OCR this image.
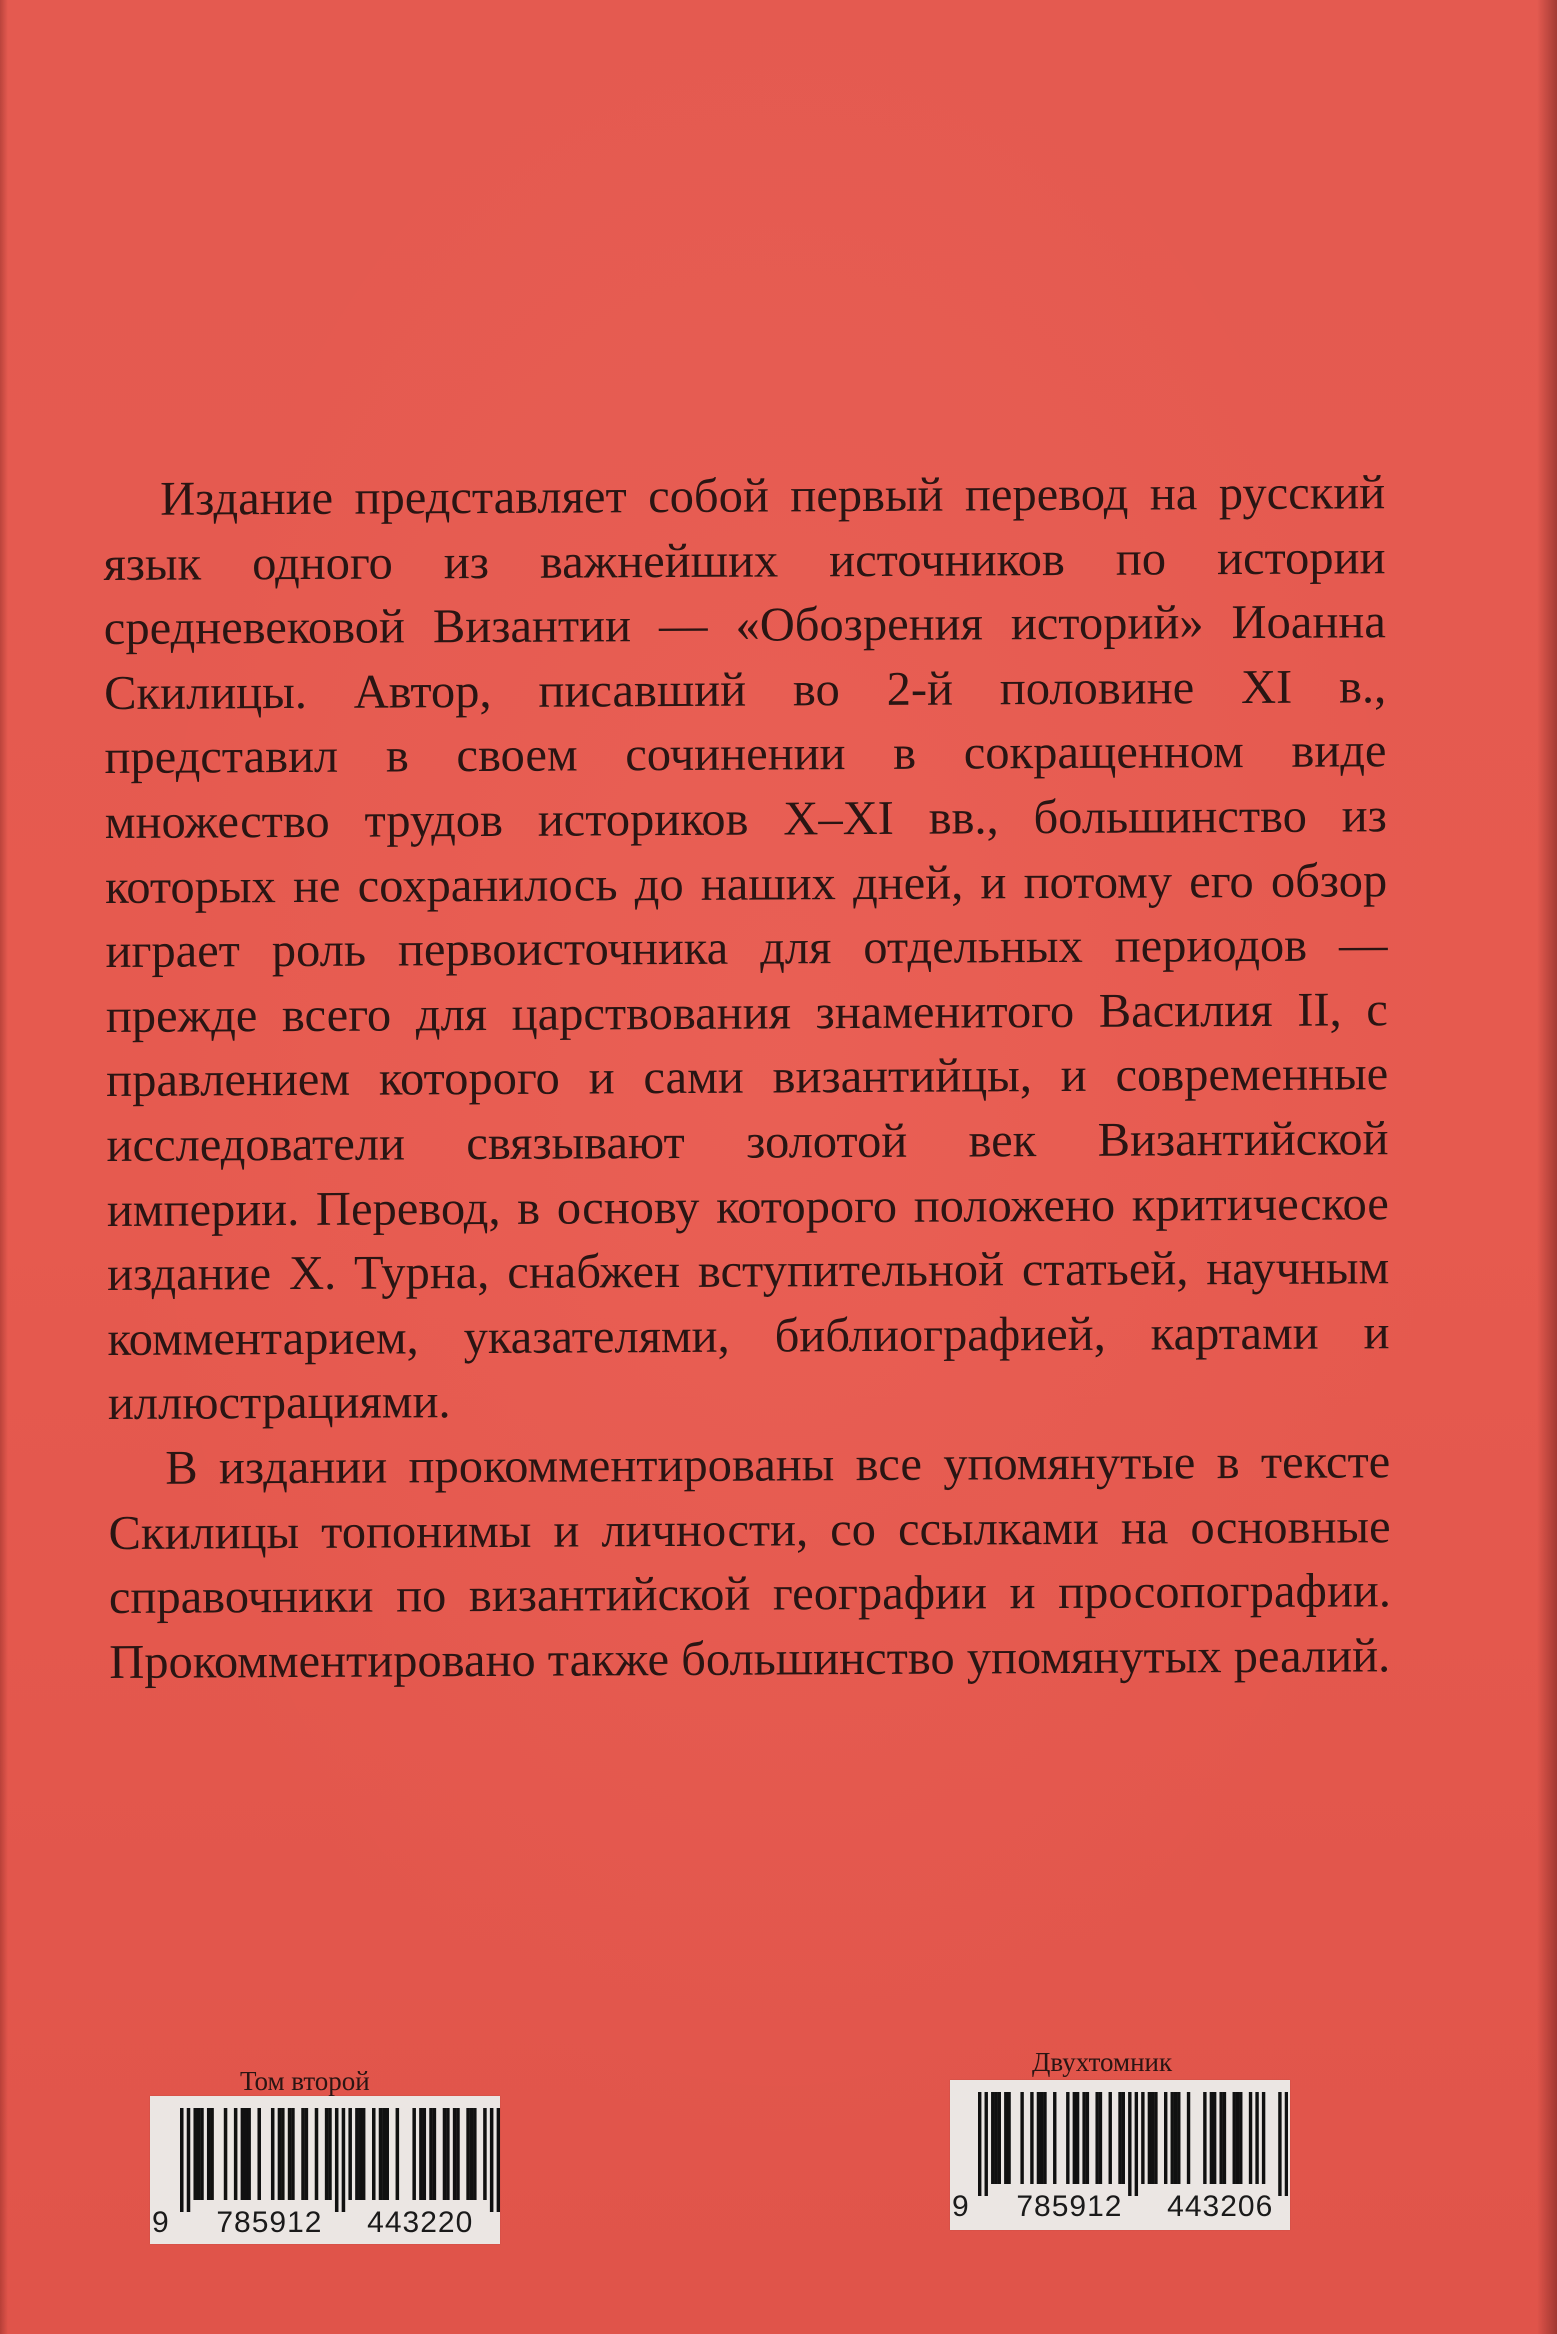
Издание представляет собой первый перевод на русский язык одного из важнейших источников по истории средневековой Византии — «Обозрения историй» Иоанна Скилицы. Автор, писавший во 2-й половине XI в., представил в своем сочинении в сокращенном виде множество трудов историков X–XI вв., большинство из которых не сохранилось до наших дней, и потому его обзор играет роль первоисточника для отдельных периодов — прежде всего для царствования знаменитого Василия II, с правлением которого и сами византийцы, и современные исследователи связывают золотой век Византийской империи. Перевод, в основу которого положено критическое издание Х. Турна, снабжен вступительной статьей, научным комментарием, указателями, библиографией, картами и иллюстрациями.

В издании прокомментированы все упомянутые в тексте Скилицы топонимы и личности, со ссылками на основные справочники по византийской географии и просопографии. Прокомментировано также большинство упомянутых реалий.

Том второй
9 785912 443220
Двухтомник
9 785912 443206
